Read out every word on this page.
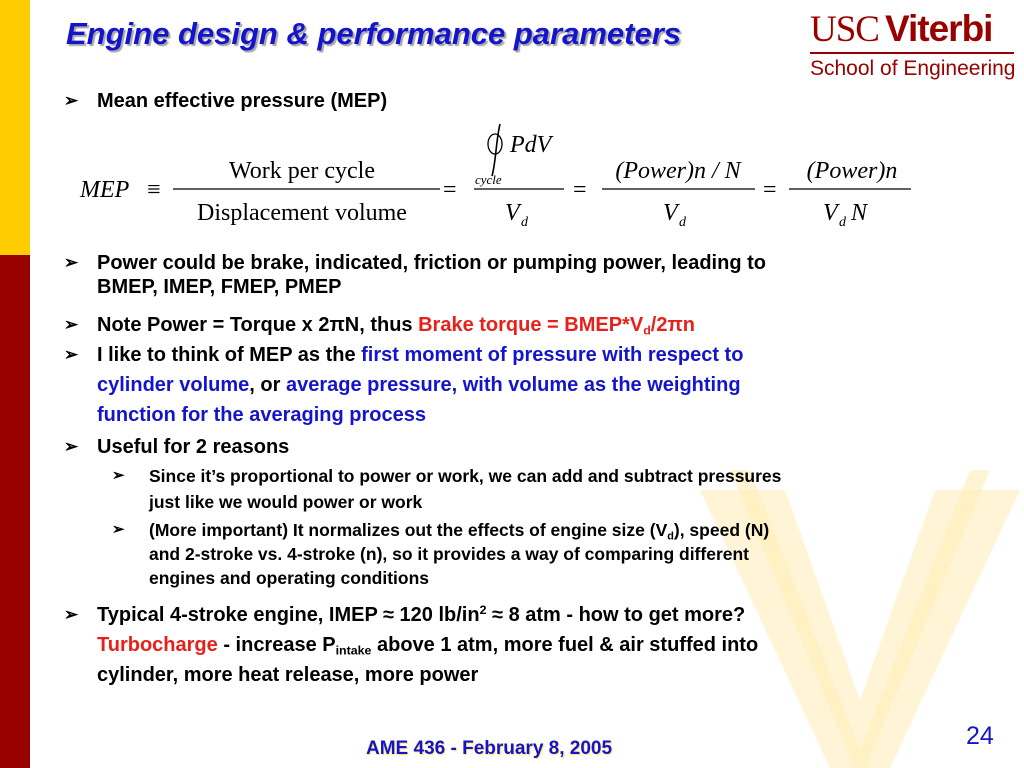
Engine design & performance parameters	USC Viterbi
School of Engineering
➢ Mean effective pressure (MEP)
MEP ≡
Work per cycle
Displacement volume
=
PdV
cycle
V d
=
(Power)n / N
V d
=
(Power)n
V d N
➢ Power could be brake, indicated, friction or pumping power, leading to
BMEP, IMEP, FMEP, PMEP
➢ Note Power = Torque x 2πN, thus Brake torque = $BMEP*V_d/2\pi n$
➢ I like to think of MEP as the first moment of pressure with respect to
cylinder volume, or average pressure, with volume as the weighting
function for the averaging process
➢ Useful for 2 reasons
➢ Since it’s proportional to power or work, we can add and subtract pressures
just like we would power or work
➢ (More important) It normalizes out the effects of engine size $(V_d)$, speed (N)
and 2-stroke vs. 4-stroke (n), so it provides a way of comparing different
engines and operating conditions
➢ Typical 4-stroke engine, IMEP ≈ 120 $lb/in^2 \approx 8$ atm - how to get more?
Turbocharge - increase $P_{intake}$ above 1 atm, more fuel & air stuffed into
cylinder, more heat release, more power
AME 436 - February 8, 2005	24
